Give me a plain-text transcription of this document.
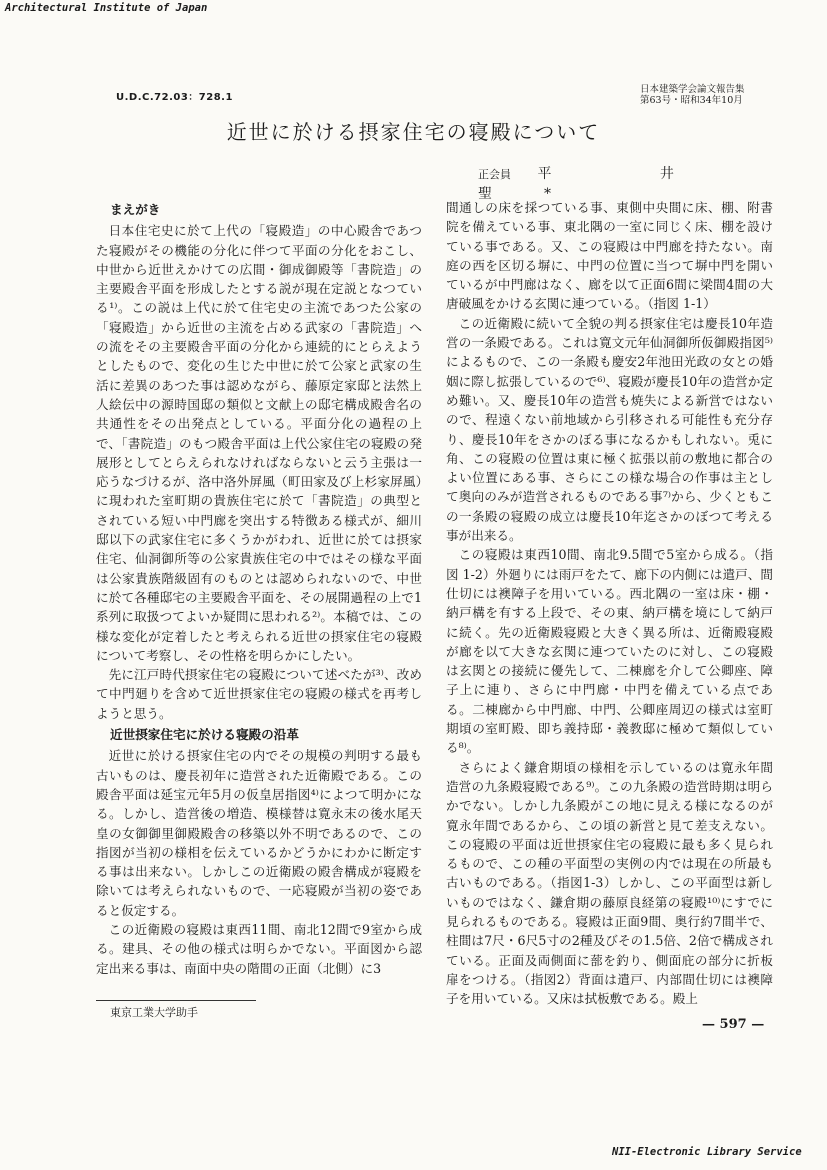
Architectural Institute of Japan
U.D.C.72.03：728.1
日本建築学会論文報告集
第63号・昭和34年10月
近世に於ける摂家住宅の寝殿について
正会員 平 井 聖*
まえがき

日本住宅史に於て上代の「寝殿造」の中心殿舎であつた寝殿がその機能の分化に伴つて平面の分化をおこし、中世から近世えかけての広間・御成御殿等「書院造」の主要殿舎平面を形成したとする説が現在定説となつている¹⁾。この説は上代に於て住宅史の主流であつた公家の「寝殿造」から近世の主流を占める武家の「書院造」への流をその主要殿舎平面の分化から連続的にとらえようとしたもので、変化の生じた中世に於て公家と武家の生活に差異のあつた事は認めながら、藤原定家邸と法然上人絵伝中の源時国邸の類似と文献上の邸宅構成殿舎名の共通性をその出発点としている。平面分化の過程の上で、「書院造」のもつ殿舎平面は上代公家住宅の寝殿の発展形としてとらえられなければならないと云う主張は一応うなづけるが、洛中洛外屏風（町田家及び上杉家屏風）に現われた室町期の貴族住宅に於て「書院造」の典型とされている短い中門廊を突出する特徴ある様式が、細川邸以下の武家住宅に多くうかがわれ、近世に於ては摂家住宅、仙洞御所等の公家貴族住宅の中ではその様な平面は公家貴族階級固有のものとは認められないので、中世に於て各種邸宅の主要殿舎平面を、その展開過程の上で1系列に取扱つてよいか疑問に思われる²⁾。本稿では、この様な変化が定着したと考えられる近世の摂家住宅の寝殿について考察し、その性格を明らかにしたい。

先に江戸時代摂家住宅の寝殿について述べたが³⁾、改めて中門廻りを含めて近世摂家住宅の寝殿の様式を再考しようと思う。

近世摂家住宅に於ける寝殿の沿革

近世に於ける摂家住宅の内でその規模の判明する最も古いものは、慶長初年に造営された近衛殿である。この殿舎平面は延宝元年5月の仮皇居指図⁴⁾によつて明かになる。しかし、造営後の増造、模様替は寛永末の後水尾天皇の女御御里御殿殿舎の移築以外不明であるので、この指図が当初の様相を伝えているかどうかにわかに断定する事は出来ない。しかしこの近衛殿の殿舎構成が寝殿を除いては考えられないもので、一応寝殿が当初の姿であると仮定する。

この近衛殿の寝殿は東西11間、南北12間で9室から成る。建具、その他の様式は明らかでない。平面図から認定出来る事は、南面中央の階間の正面（北側）に3

間通しの床を採つている事、東側中央間に床、棚、附書院を備えている事、東北隅の一室に同じく床、棚を設けている事である。又、この寝殿は中門廊を持たない。南庭の西を区切る塀に、中門の位置に当つて塀中門を開いているが中門廊はなく、廊を以て正面6間に梁間4間の大唐破風をかける玄関に連つている。（指図 1-1）

この近衛殿に続いて全貌の判る摂家住宅は慶長10年造営の一条殿である。これは寛文元年仙洞御所仮御殿指図⁵⁾によるもので、この一条殿も慶安2年池田光政の女との婚姻に際し拡張しているので⁶⁾、寝殿が慶長10年の造営か定め難い。又、慶長10年の造営も焼失による新営ではないので、程遠くない前地域から引移される可能性も充分存り、慶長10年をさかのぼる事になるかもしれない。兎に角、この寝殿の位置は東に極く拡張以前の敷地に都合のよい位置にある事、さらにこの様な場合の作事は主として奥向のみが造営されるものである事⁷⁾から、少くともこの一条殿の寝殿の成立は慶長10年迄さかのぼつて考える事が出来る。

この寝殿は東西10間、南北9.5間で5室から成る。（指図 1-2）外廻りには雨戸をたて、廊下の内側には遣戸、間仕切には襖障子を用いている。西北隅の一室は床・棚・納戸構を有する上段で、その東、納戸構を境にして納戸に続く。先の近衛殿寝殿と大きく異る所は、近衛殿寝殿が廊を以て大きな玄関に連つていたのに対し、この寝殿は玄関との接続に優先して、二棟廊を介して公卿座、障子上に連り、さらに中門廊・中門を備えている点である。二棟廊から中門廊、中門、公卿座周辺の様式は室町期頃の室町殿、即ち義持邸・義教邸に極めて類似している⁸⁾。

さらによく鎌倉期頃の様相を示しているのは寛永年間造営の九条殿寝殿である⁹⁾。この九条殿の造営時期は明らかでない。しかし九条殿がこの地に見える様になるのが寛永年間であるから、この頃の新営と見て差支えない。この寝殿の平面は近世摂家住宅の寝殿に最も多く見られるもので、この種の平面型の実例の内では現在の所最も古いものである。（指図1-3）しかし、この平面型は新しいものではなく、鎌倉期の藤原良経第の寝殿¹⁰⁾にすでに見られるものである。寝殿は正面9間、奥行約7間半で、柱間は7尺・6尺5寸の2種及びその1.5倍、2倍で構成されている。正面及両側面に蔀を釣り、側面庇の部分に折板扉をつける。（指図2）背面は遣戸、内部間仕切には襖障子を用いている。又床は拭板敷である。殿上

東京工業大学助手
— 597 —
NII-Electronic Library Service
